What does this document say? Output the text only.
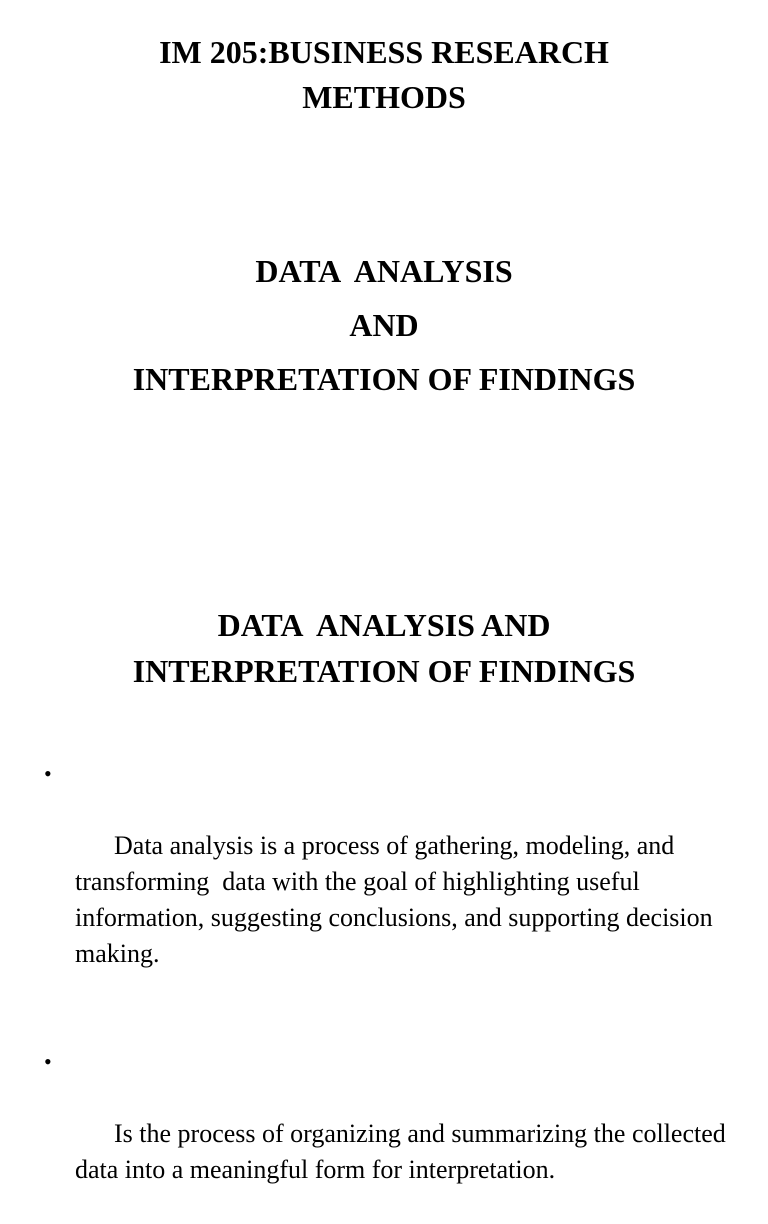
IM 205:BUSINESS RESEARCH
METHODS
DATA  ANALYSIS
AND
INTERPRETATION OF FINDINGS
DATA  ANALYSIS AND
INTERPRETATION OF FINDINGS

•

Data analysis is a process of gathering, modeling, and transforming  data with the goal of highlighting useful information, suggesting conclusions, and supporting decision making.

•

Is the process of organizing and summarizing the collected data into a meaningful form for interpretation.
